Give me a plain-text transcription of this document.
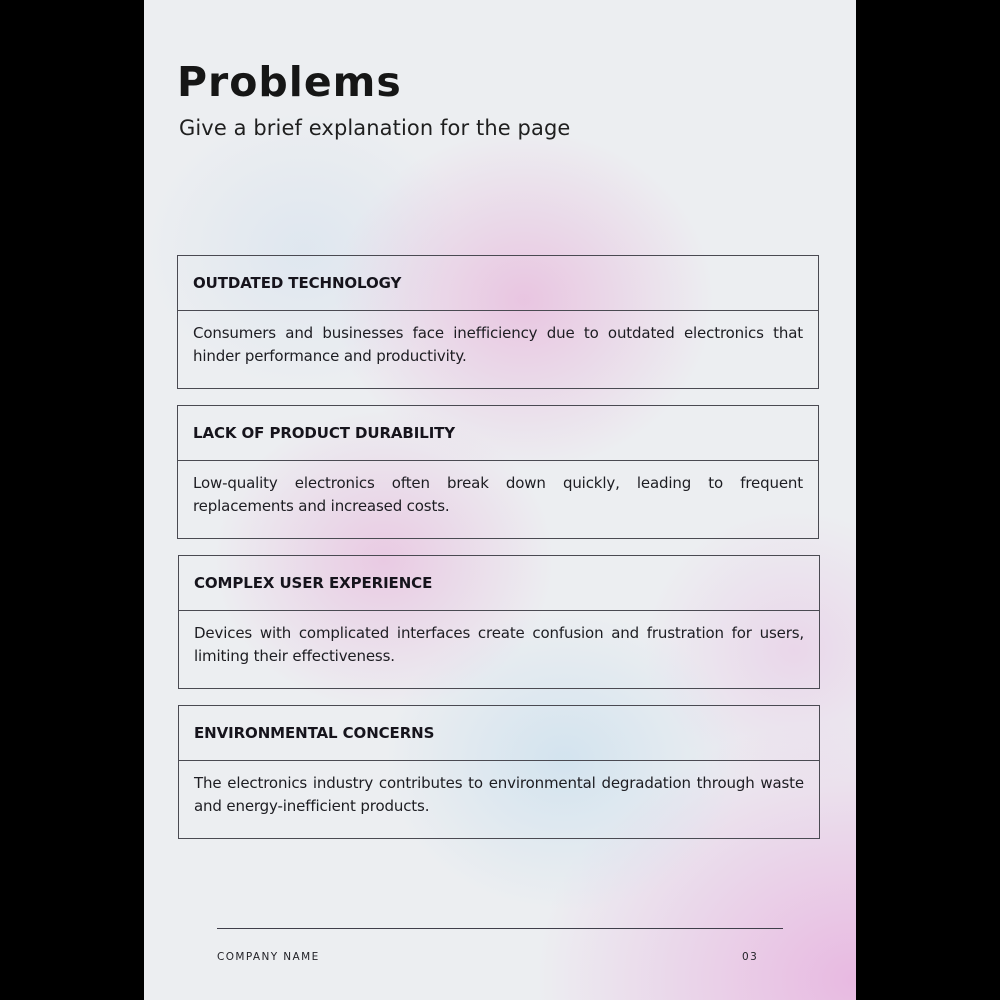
Problems

Give a brief explanation for the page

OUTDATED TECHNOLOGY

Consumers and businesses face inefficiency due to outdated electronics that hinder performance and productivity.

LACK OF PRODUCT DURABILITY

Low-quality electronics often break down quickly, leading to frequent replacements and increased costs.

COMPLEX USER EXPERIENCE

Devices with complicated interfaces create confusion and frustration for users, limiting their effectiveness.

ENVIRONMENTAL CONCERNS

The electronics industry contributes to environmental degradation through waste and energy-inefficient products.

COMPANY NAME	03
